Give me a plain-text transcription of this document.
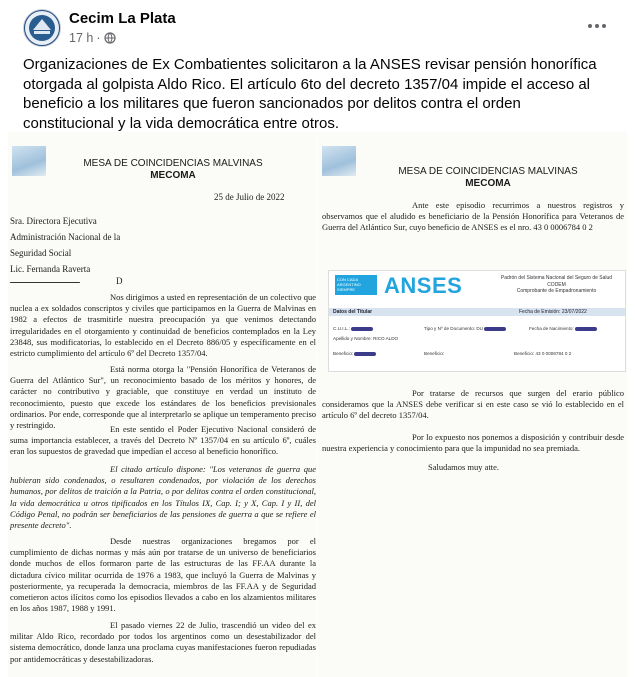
Cecim La Plata
17 h ·
Organizaciones de Ex Combatientes solicitaron a la ANSES revisar pensión honorífica otorgada al golpista Aldo Rico. El artículo 6to del decreto 1357/04 impide el acceso al beneficio a los militares que fueron sancionados por delitos contra el orden constitucional y la vida democrática entre otros.
MESA DE COINCIDENCIAS MALVINAS
MECOMA
25 de Julio de 2022
Sra. Directora Ejecutiva
Administración Nacional de la
Seguridad Social
Lic. Fernanda Raverta
D
Nos dirigimos a usted en representación de un colectivo que nuclea a ex soldados conscriptos y civiles que participamos en la Guerra de Malvinas en 1982 a efectos de trasmitirle nuestra preocupación ya que venimos detectando irregularidades en el otorgamiento y continuidad de beneficios contemplados en la Ley 23848, sus modificatorias, lo establecido en el Decreto 886/05 y específicamente en el estricto cumplimiento del artículo 6º del Decreto 1357/04.
Está norma otorga la "Pensión Honorífica de Veteranos de Guerra del Atlántico Sur", un reconocimiento basado de los méritos y honores, de carácter no contributivo y graciable, que constituye en verdad un instituto de reconocimiento, puesto que excede los estándares de los beneficios previsionales ordinarios. Por ende, corresponde que al interpretarlo se aplique un temperamento preciso y restringido.	En este sentido el Poder Ejecutivo Nacional consideró de suma importancia establecer, a través del Decreto Nº 1357/04 en su artículo 6º, cuáles eran los supuestos de gravedad que impedían el acceso al beneficio honorífico.
El citado artículo dispone: "Los veteranos de guerra que hubieran sido condenados, o resultaren condenados, por violación de los derechos humanos, por delitos de traición a la Patria, o por delitos contra el orden constitucional, la vida democrática u otros tipificados en los Títulos IX, Cap. I; y X, Cap. I y II, del Código Penal, no podrán ser beneficiarios de las pensiones de guerra a que se refiere el presente decreto".
Desde nuestras organizaciones bregamos por el cumplimiento de dichas normas y más aún por tratarse de un universo de beneficiarios donde muchos de ellos formaron parte de las estructuras de las FF.AA durante la dictadura cívico militar ocurrida de 1976 a 1983, que incluyó la Guerra de Malvinas y posteriormente, ya recuperada la democracia, miembros de las FF.AA y de Seguridad cometieron actos ilícitos como los episodios llevados a cabo en los alzamientos militares en los años 1987, 1988 y 1991.
El pasado viernes 22 de Julio, trascendió un video del ex militar Aldo Rico, recordado por todos los argentinos como un desestabilizador del sistema democrático, donde lanza una proclama cuyas manifestaciones fueron repudiadas por antidemocráticas y desestabilizadoras.
MESA DE COINCIDENCIAS MALVINAS
MECOMA
Ante este episodio recurrimos a nuestros registros y observamos que el aludido es beneficiario de la Pensión Honorífica para Veteranos de Guerra del Atlántico Sur, cuyo beneficio de ANSES es el nro. 43 0 0006784 0 2
CON CADA ARGENTINO SIEMPRE	ANSES	Padrón del Sistema Nacional del Seguro de Salud
CODEM
Comprobante de Empadronamiento
Datos del Titular	Fecha de Emisión: 23/07/2022
C.U.I.L.:	Tipo y Nº de Documento: DU	Fecha de Nacimiento:
Apellido y Nombre: RICO ALDO
Beneficio:	Beneficio:	Beneficio: 43 0 0006784 0 2
Por tratarse de recursos que surgen del erario público consideramos que la ANSES debe verificar si en este caso se vió lo establecido en el artículo 6º del decreto 1357/04.
Por lo expuesto nos ponemos a disposición y contribuir desde nuestra experiencia y conocimiento para que la impunidad no sea premiada.
Saludamos muy atte.
